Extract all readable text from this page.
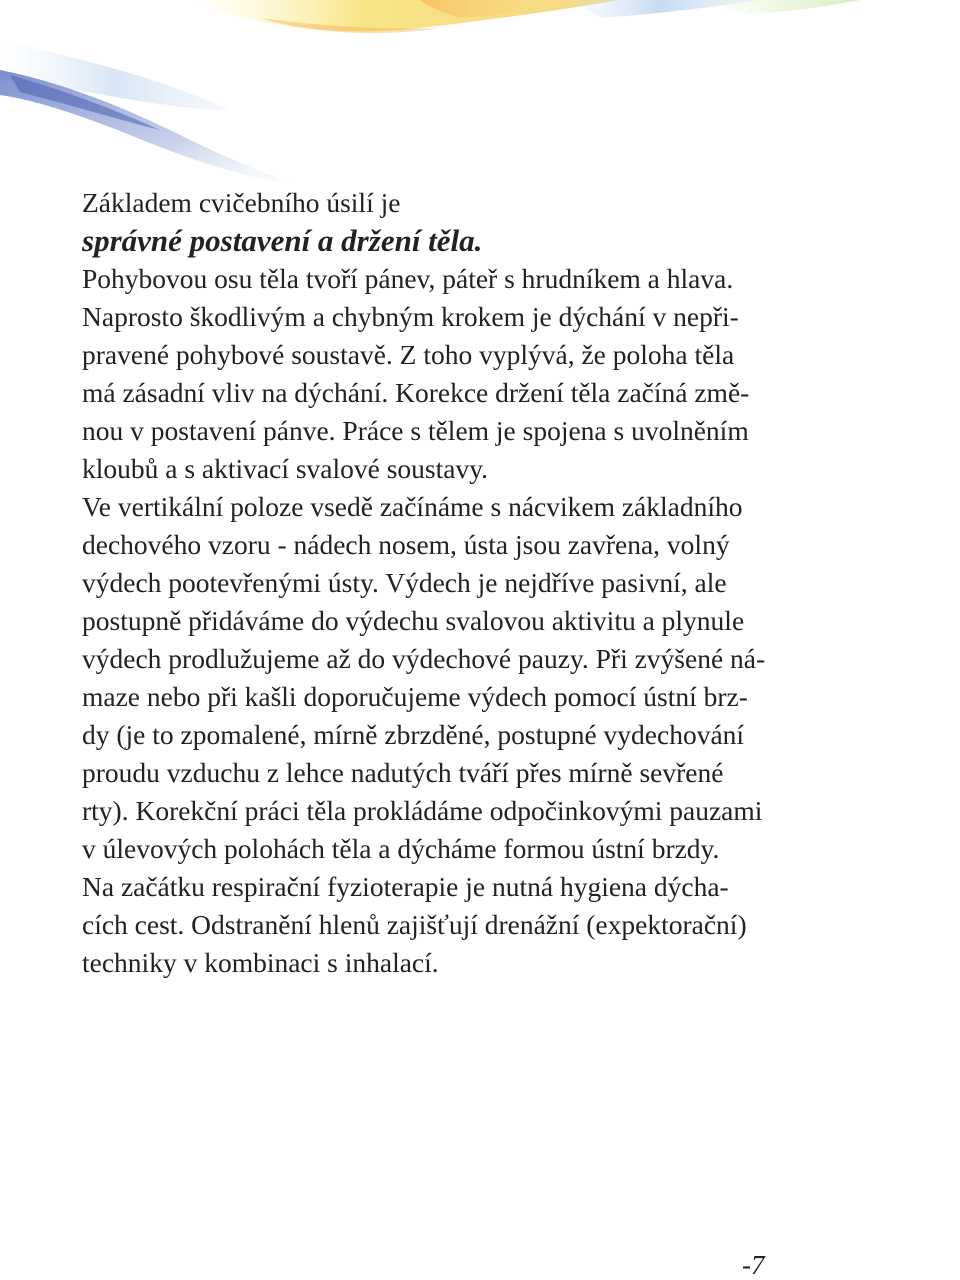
Základem cvičebního úsilí je
správné postavení a držení těla.
Pohybovou osu těla tvoří pánev, páteř s hrudníkem a hlava.
Naprosto škodlivým a chybným krokem je dýchání v nepři-
pravené pohybové soustavě. Z toho vyplývá, že poloha těla
má zásadní vliv na dýchání. Korekce držení těla začíná změ-
nou v postavení pánve. Práce s tělem je spojena s uvolněním
kloubů a s aktivací svalové soustavy.
Ve vertikální poloze vsedě začínáme s nácvikem základního
dechového vzoru - nádech nosem, ústa jsou zavřena, volný
výdech pootevřenými ústy. Výdech je nejdříve pasivní, ale
postupně přidáváme do výdechu svalovou aktivitu a plynule
výdech prodlužujeme až do výdechové pauzy. Při zvýšené ná-
maze nebo při kašli doporučujeme výdech pomocí ústní brz-
dy (je to zpomalené, mírně zbrzděné, postupné vydechování
proudu vzduchu z lehce nadutých tváří přes mírně sevřené
rty). Korekční práci těla prokládáme odpočinkovými pauzami
v úlevových polohách těla a dýcháme formou ústní brzdy.
Na začátku respirační fyzioterapie je nutná hygiena dýcha-
cích cest. Odstranění hlenů zajišťují drenážní (expektorační)
techniky v kombinaci s inhalací.
-7
